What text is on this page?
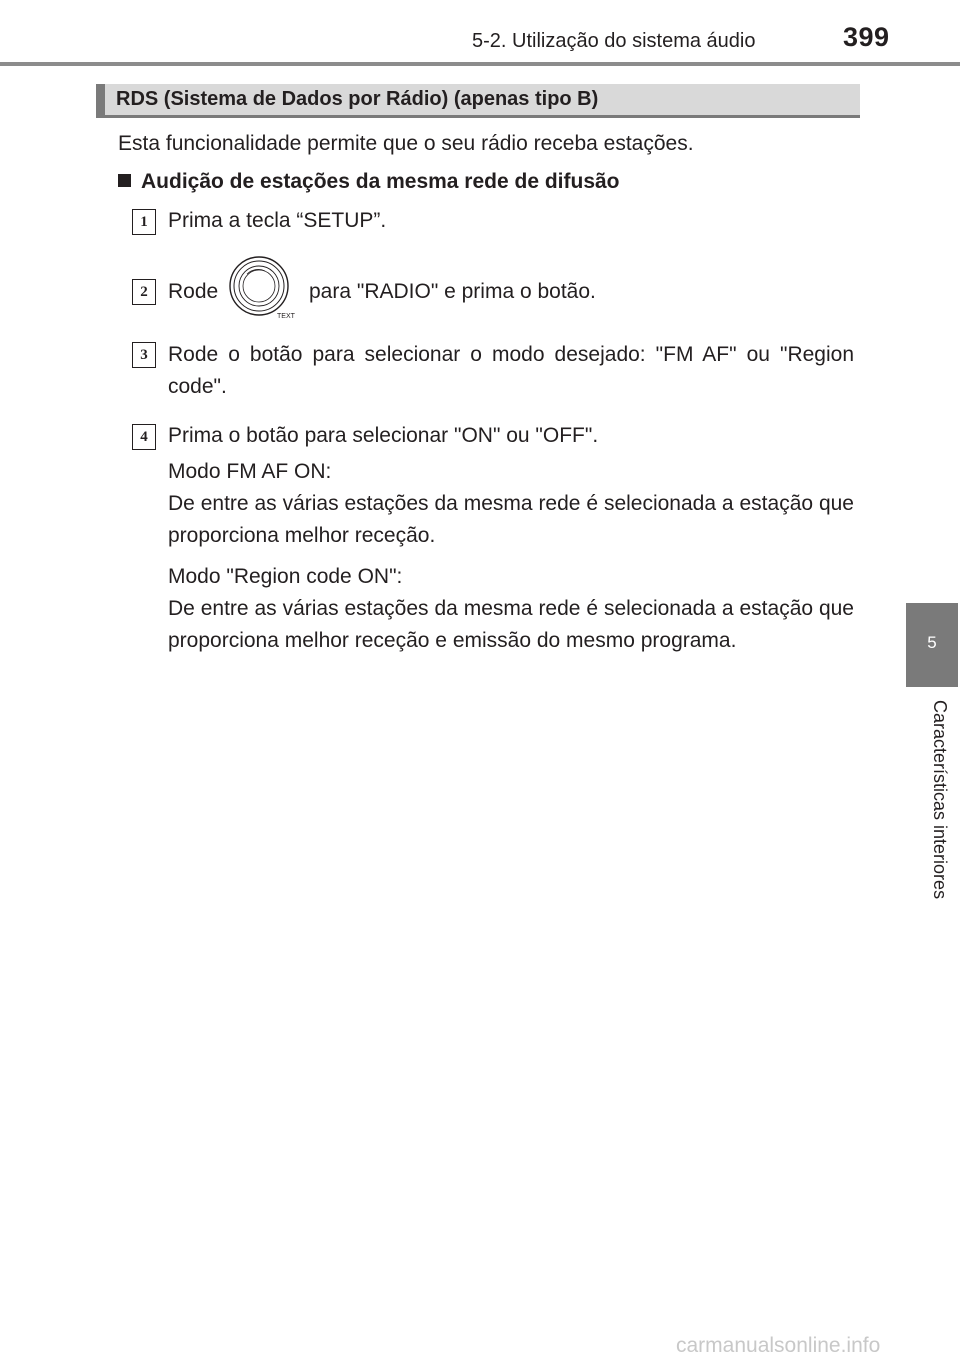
5-2. Utilização do sistema áudio	399
RDS (Sistema de Dados por Rádio) (apenas tipo B)
Esta funcionalidade permite que o seu rádio receba estações.
Audição de estações da mesma rede de difusão
1 Prima a tecla “SETUP”.
2 Rode
TEXT
para "RADIO" e prima o botão.
3 Rode o botão para selecionar o modo desejado: "FM AF" ou "Region code".
4 Prima o botão para selecionar "ON" ou "OFF".
Modo FM AF ON:
De entre as várias estações da mesma rede é selecionada a estação que proporciona melhor receção.
Modo "Region code ON":
De entre as várias estações da mesma rede é selecionada a estação que proporciona melhor receção e emissão do mesmo programa.	5
Características interiores
carmanualsonline.info
